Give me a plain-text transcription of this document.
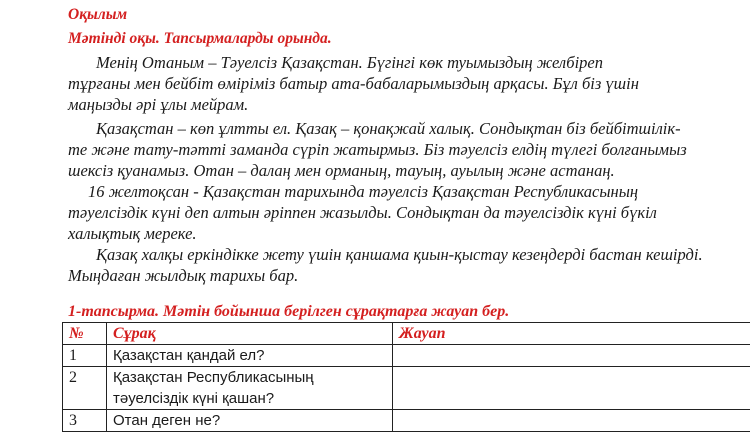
Оқылым
Мәтінді оқы. Тапсырмаларды орында.
Менің Отаным – Тәуелсіз Қазақстан. Бүгінгі көк туымыздың желбіреп
тұрғаны мен бейбіт өміріміз батыр ата-бабаларымыздың арқасы. Бұл біз үшін
маңызды әрі ұлы мейрам.
Қазақстан – көп ұлтты ел. Қазақ – қонақжай халық. Сондықтан біз бейбітшілік-
те және тату-тәтті заманда сүріп жатырмыз. Біз тәуелсіз елдің түлегі болғанымыз
шексіз қуанамыз. Отан – далаң мен орманың, тауың, ауылың және астанаң.
16 желтоқсан - Қазақстан тарихында тәуелсіз Қазақстан Республикасының
тәуелсіздік күні деп алтын әріппен жазылды. Сондықтан да тәуелсіздік күні бүкіл
халықтық мереке.
Қазақ халқы еркіндікке жету үшін қаншама қиын-қыстау кезеңдерді бастан кешірді.
Мыңдаған жылдық тарихы бар.
1-тапсырма. Мәтін бойынша берілген сұрақтарға жауап бер.
№	Сұрақ	Жауап
1	Қазақстан қандай ел?	
2	Қазақстан Республикасының
тәуелсіздік күні қашан?	

3	Отан деген не?	
